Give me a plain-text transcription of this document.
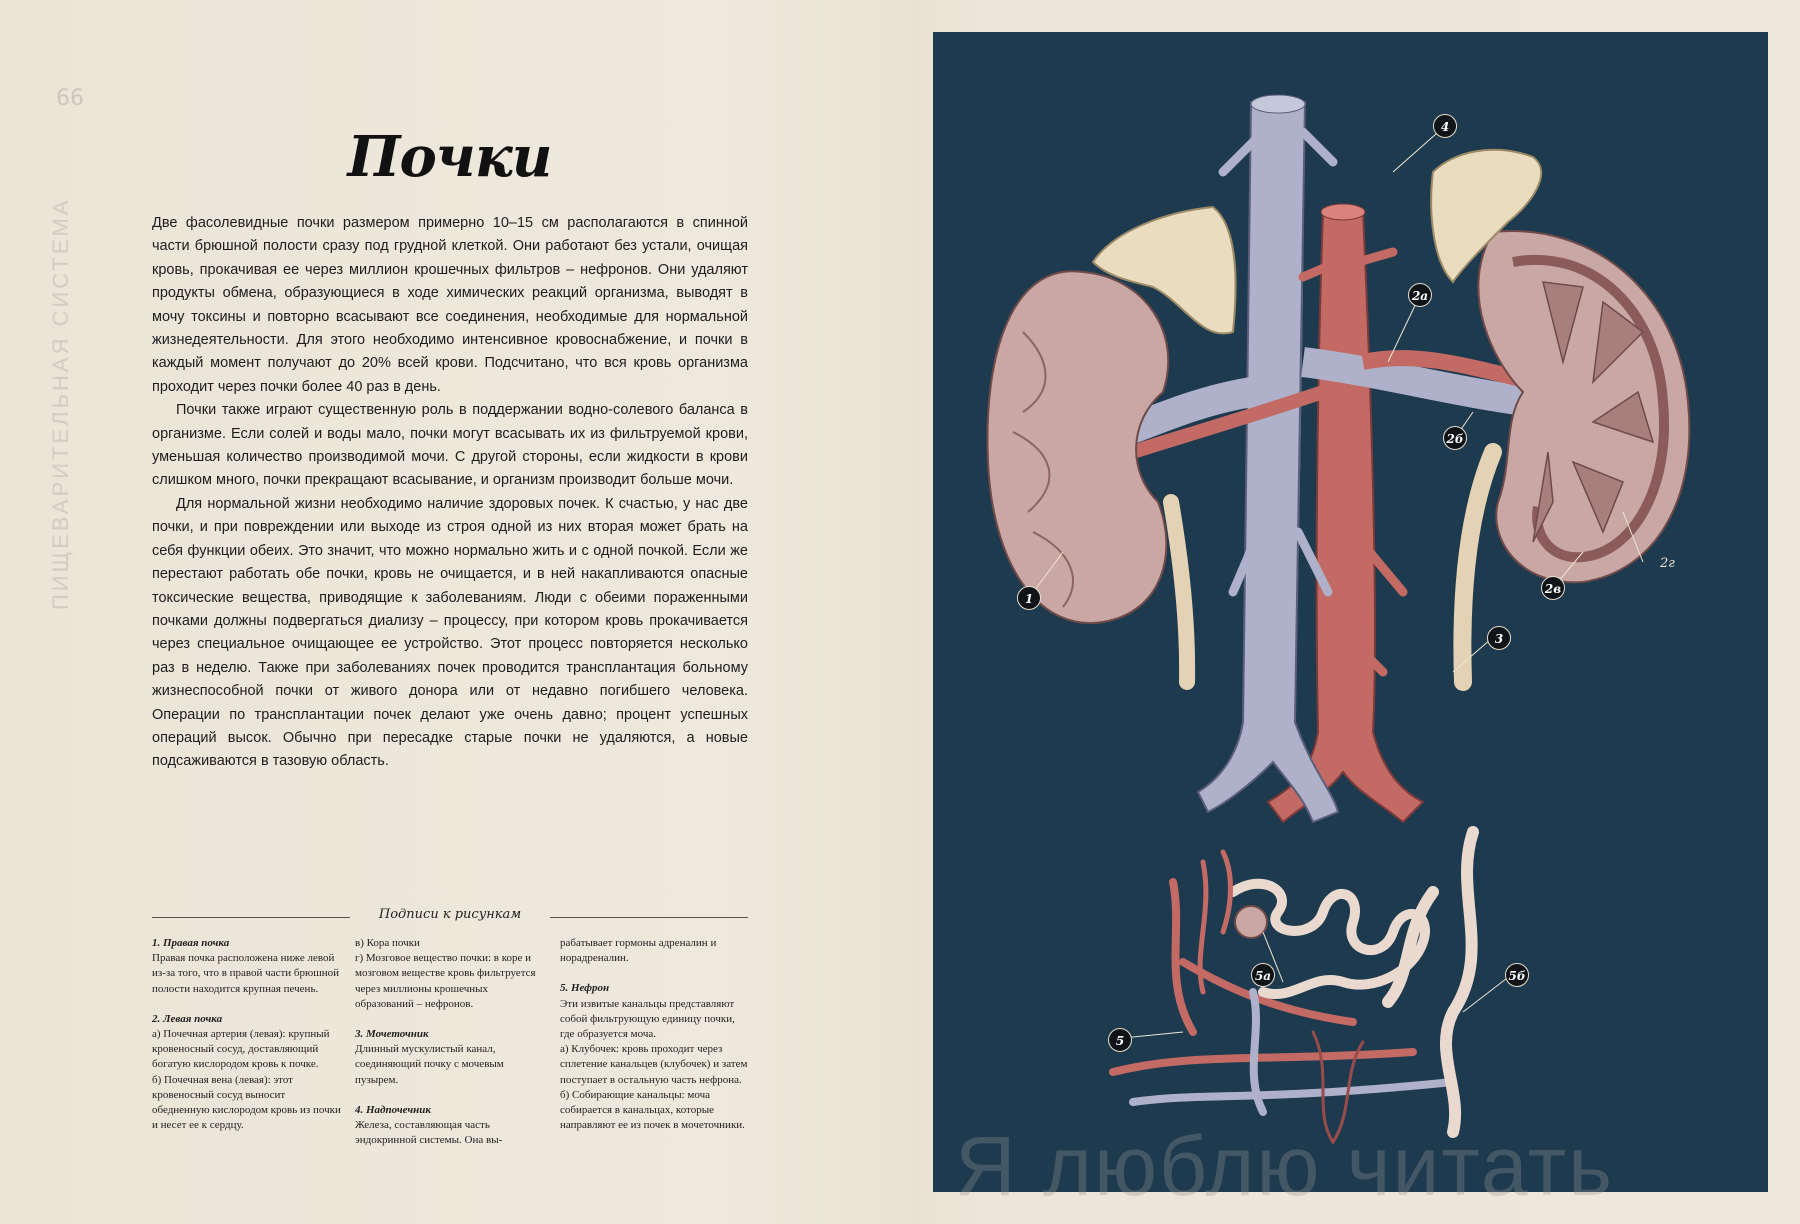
66
ПИЩЕВАРИТЕЛЬНАЯ СИСТЕМА
Почки

Две фасолевидные почки размером примерно 10–15 см располагаются в спинной части брюшной полости сразу под грудной клеткой. Они работают без устали, очищая кровь, прокачивая ее через миллион крошечных фильтров – нефронов. Они удаляют продукты обмена, образующиеся в ходе химических реакций организма, выводят в мочу токсины и повторно всасывают все соединения, необходимые для нормальной жизнедеятельности. Для этого необходимо интенсивное кровоснабжение, и почки в каждый момент получают до 20% всей крови. Подсчитано, что вся кровь организма проходит через почки более 40 раз в день.

Почки также играют существенную роль в поддержании водно-солевого баланса в организме. Если солей и воды мало, почки могут всасывать их из фильтруемой крови, уменьшая количество производимой мочи. С другой стороны, если жидкости в крови слишком много, почки прекращают всасывание, и организм производит больше мочи.

Для нормальной жизни необходимо наличие здоровых почек. К счастью, у нас две почки, и при повреждении или выходе из строя одной из них вторая может брать на себя функции обеих. Это значит, что можно нормально жить и с одной почкой. Если же перестают работать обе почки, кровь не очищается, и в ней накапливаются опасные токсические вещества, приводящие к заболеваниям. Люди с обеими пораженными почками должны подвергаться диализу – процессу, при котором кровь прокачивается через специальное очищающее ее устройство. Этот процесс повторяется несколько раз в неделю. Также при заболеваниях почек проводится трансплантация больному жизнеспособной почки от живого донора или от недавно погибшего человека. Операции по трансплантации почек делают уже очень давно; процент успешных операций высок. Обычно при пересадке старые почки не удаляются, а новые подсаживаются в тазовую область.

Подписи к рисункам
1. Правая почка
Правая почка расположена ниже левой из-за того, что в правой части брюшной полости находится крупная печень.
2. Левая почка
а) Почечная артерия (левая): крупный кровеносный сосуд, доставляющий богатую кислородом кровь к почке.
б) Почечная вена (левая): этот кровеносный сосуд выносит обедненную кислородом кровь из почки и несет ее к сердцу.
в) Кора почки
г) Мозговое вещество почки: в коре и мозговом веществе кровь фильтруется через миллионы крошечных образований – нефронов.
3. Мочеточник
Длинный мускулистый канал, соединяющий почку с мочевым пузырем.
4. Надпочечник
Железа, составляющая часть эндокринной системы. Она вы-
рабатывает гормоны адреналин и норадреналин.
5. Нефрон
Эти извитые канальцы представляют собой фильтрующую единицу почки, где образуется моча.
а) Клубочек: кровь проходит через сплетение канальцев (клубочек) и затем поступает в остальную часть нефрона.
б) Собирающие канальцы: моча собирается в канальцах, которые направляют ее из почек в мочеточники.
1
4
2а
2б
2в
2г
3
5
5а	5б
Я люблю читать
